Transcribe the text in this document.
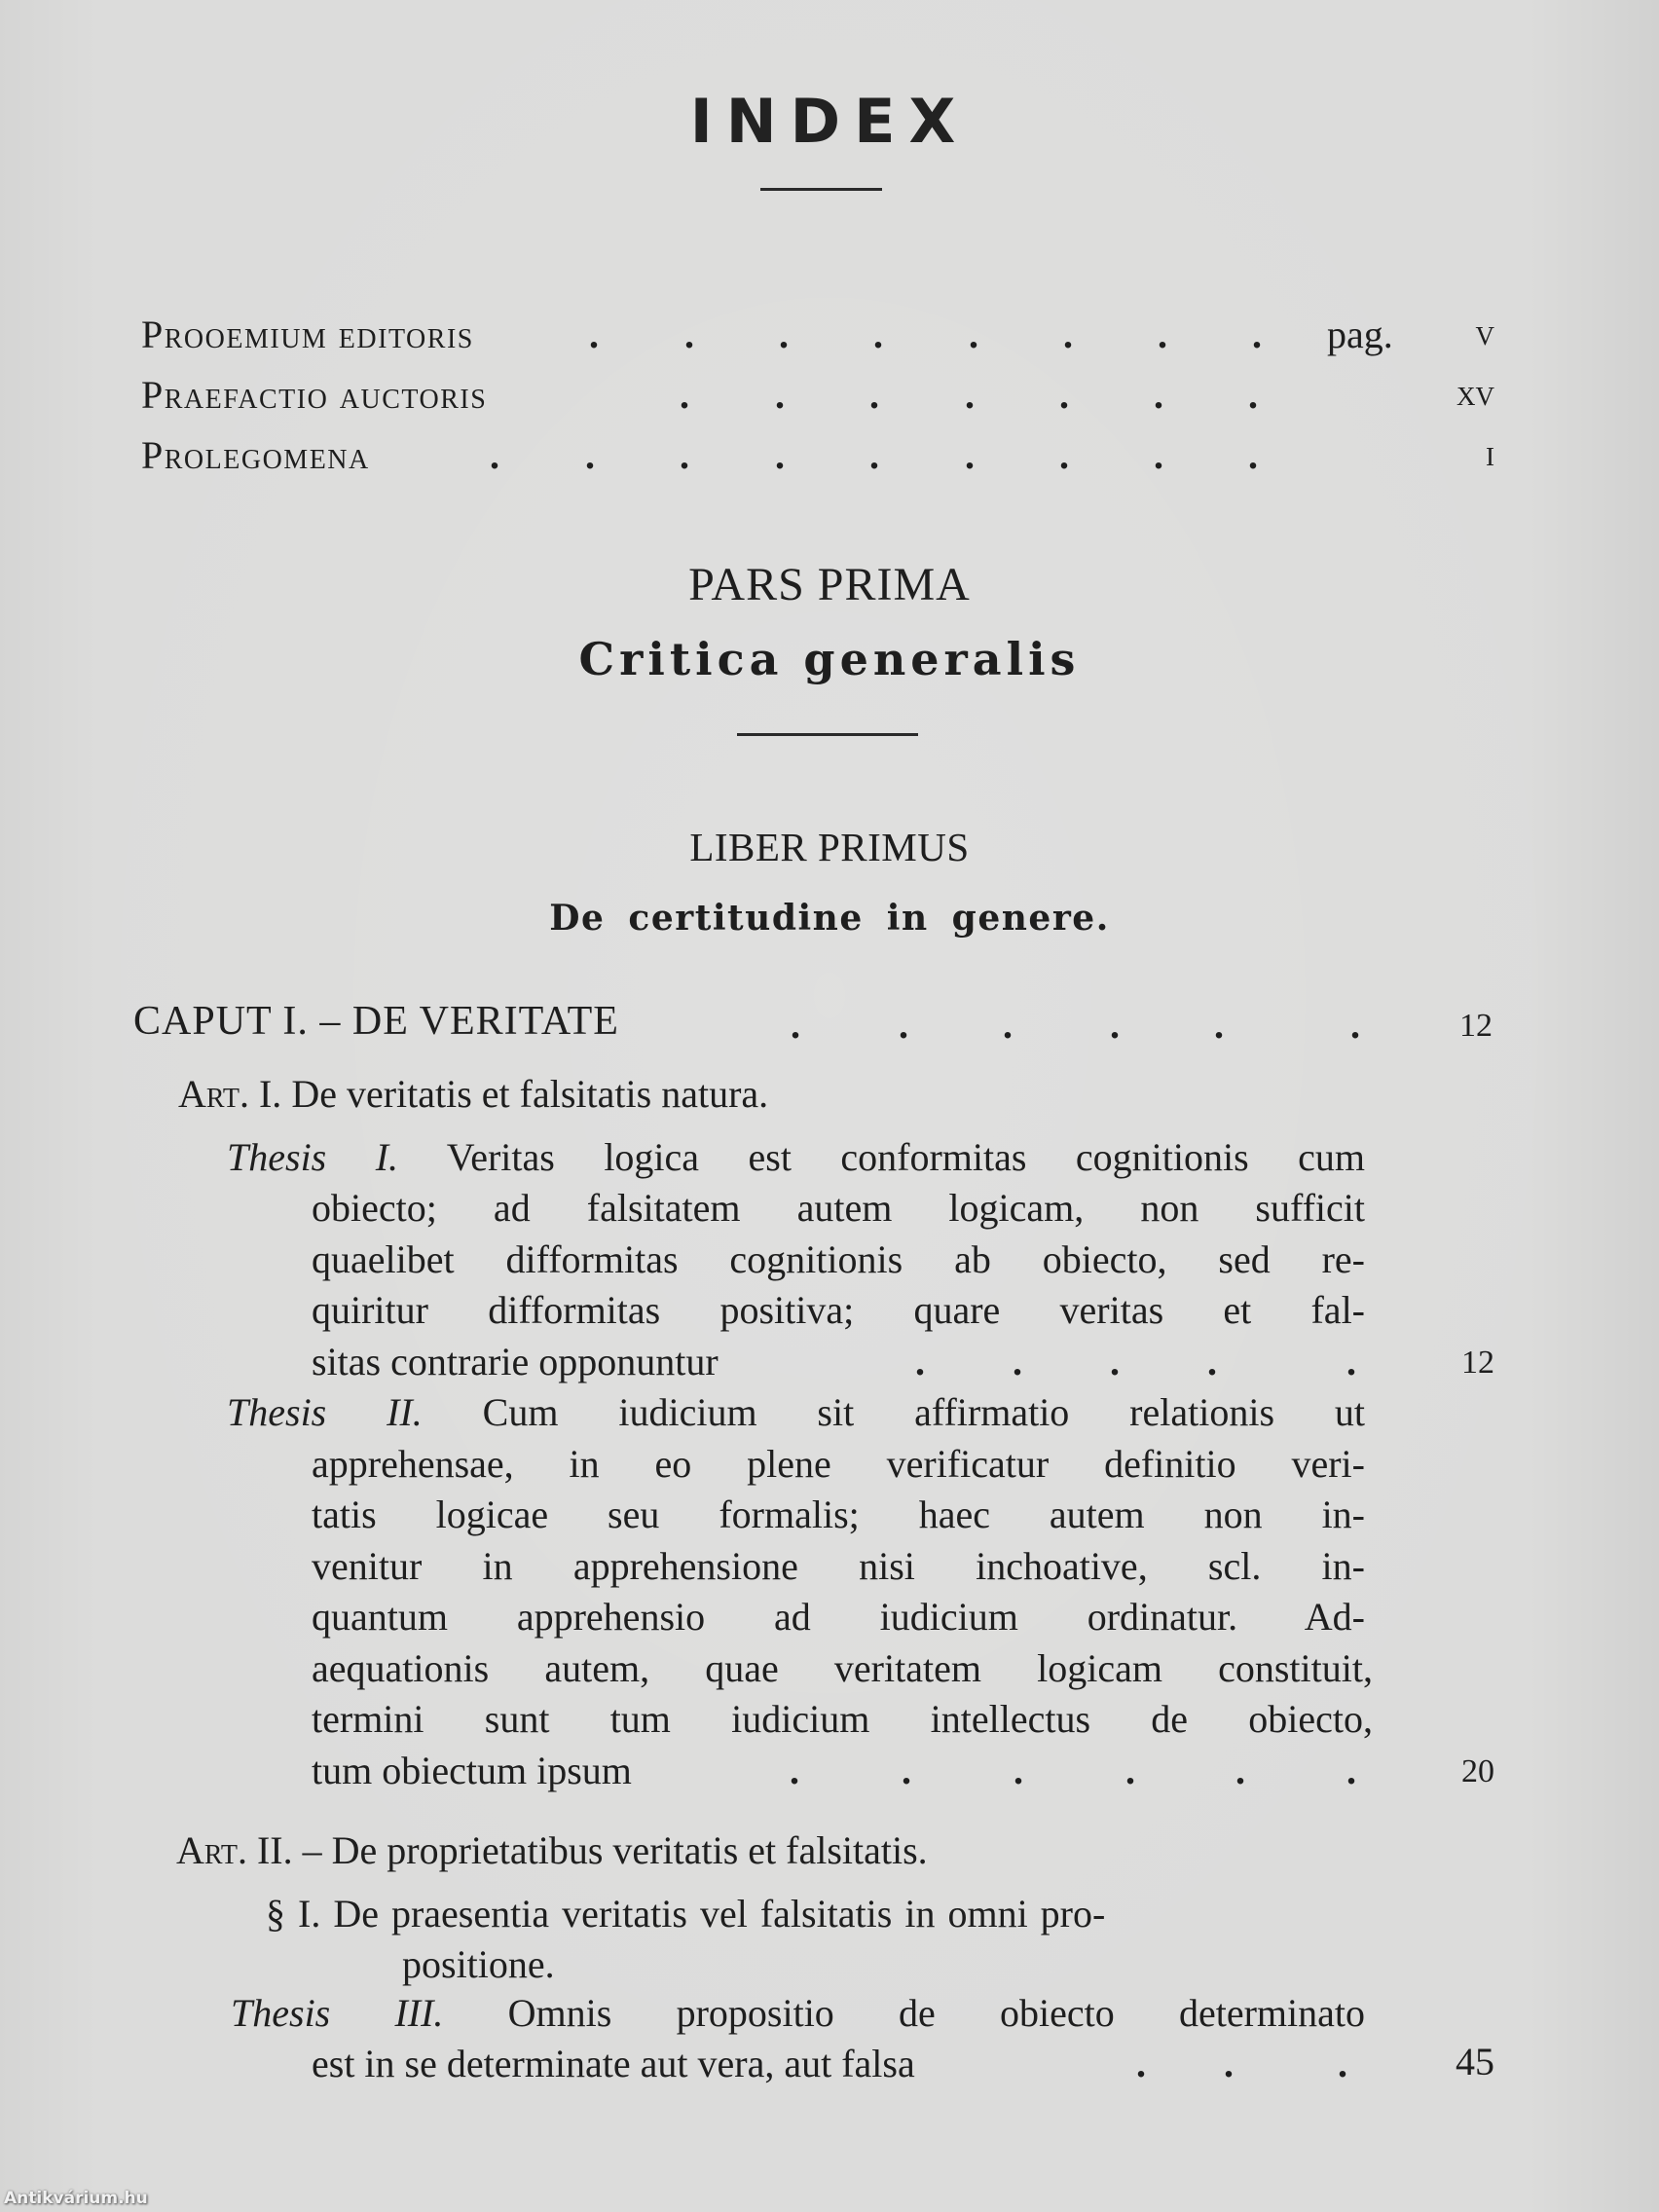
INDEX
Prooemium editoris	. . . . . . . . pag. v
Praefactio auctoris	. . . . . . .	xv
Prolegomena	. . . . . . . . .	i
PARS PRIMA
Critica generalis
LIBER PRIMUS
De certitudine in genere.
CAPUT I. – DE VERITATE	.	. .	. .	.	12
Art. I. De veritatis et falsitatis natura.
Thesis I. Veritas logica est conformitas cognitionis cum
obiecto; ad falsitatem autem logicam, non sufficit
quaelibet difformitas cognitionis ab obiecto, sed re-
quiritur difformitas positiva; quare veritas et fal-
sitas contrarie opponuntur	. . . .	.	12
Thesis II. Cum iudicium sit affirmatio relationis ut
apprehensae, in eo plene verificatur definitio veri-
tatis logicae seu formalis; haec autem non in-
venitur in apprehensione nisi inchoative, scl. in-
quantum apprehensio ad iudicium ordinatur. Ad-
aequationis autem, quae veritatem logicam constituit,
termini sunt tum iudicium intellectus de obiecto,
tum obiectum ipsum	.	.	.	.	.	.	20
Art. II. – De proprietatibus veritatis et falsitatis.
§ I. De praesentia veritatis vel falsitatis in omni pro-
positione.
Thesis III. Omnis propositio de obiecto determinato
est in se determinate aut vera, aut falsa	. .	.	45
Antikvárium.hu
